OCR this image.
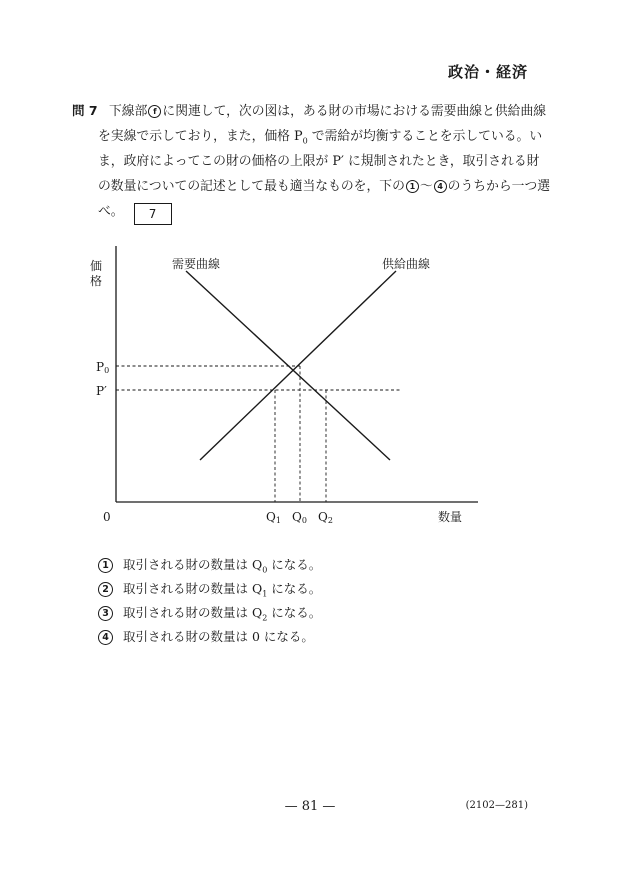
政治・経済
問 7 下線部 f に関連して，次の図は，ある財の市場における需要曲線と供給曲線
を実線で示しており，また，価格 $P_0$ で需給が均衡することを示している。い
ま，政府によってこの財の価格の上限が P′ に規制されたとき，取引される財
の数量についての記述として最も適当なものを，下の 1 〜 4 のうちから一つ選
べ。 7
価
格
需要曲線	供給曲線
0	数量
P0
P′
Q1 Q0 Q2
1 取引される財の数量は $Q_0$ になる。
2 取引される財の数量は $Q_1$ になる。
3 取引される財の数量は $Q_2$ になる。
4 取引される財の数量は 0 になる。
— 81 —	(2102—281)
